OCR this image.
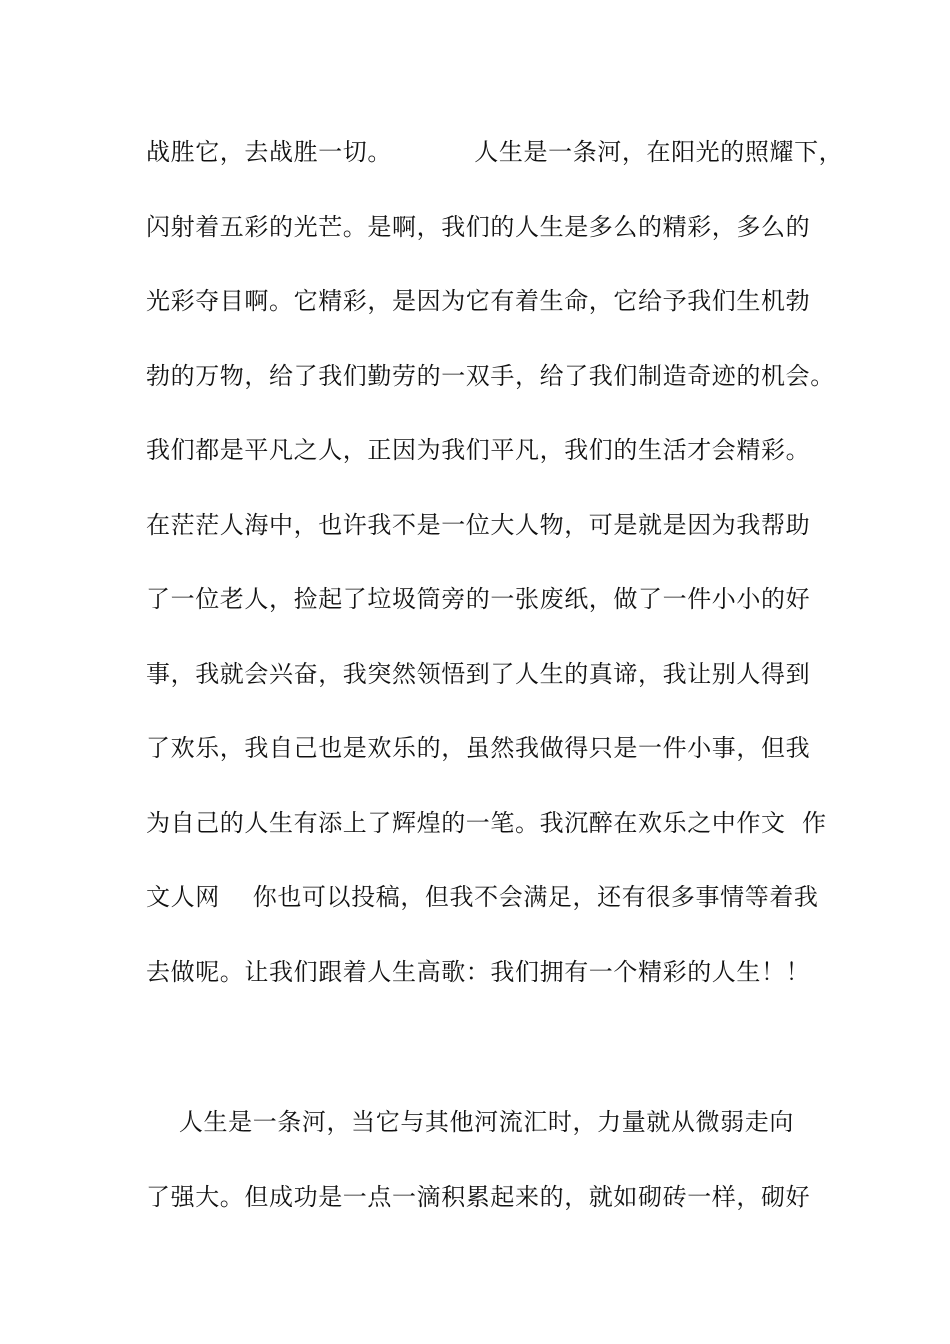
战胜它，去战胜一切。          人生是一条河，在阳光的照耀下，
闪射着五彩的光芒。是啊，我们的人生是多么的精彩，多么的
光彩夺目啊。它精彩，是因为它有着生命，它给予我们生机勃
勃的万物，给了我们勤劳的一双手，给了我们制造奇迹的机会。
我们都是平凡之人，正因为我们平凡，我们的生活才会精彩。
在茫茫人海中，也许我不是一位大人物，可是就是因为我帮助
了一位老人，捡起了垃圾筒旁的一张废纸，做了一件小小的好
事，我就会兴奋，我突然领悟到了人生的真谛，我让别人得到
了欢乐，我自己也是欢乐的，虽然我做得只是一件小事，但我
为自己的人生有添上了辉煌的一笔。我沉醉在欢乐之中作文  作
文人网    你也可以投稿，但我不会满足，还有很多事情等着我
去做呢。让我们跟着人生高歌：我们拥有一个精彩的人生！！
人生是一条河，当它与其他河流汇时，力量就从微弱走向
了强大。但成功是一点一滴积累起来的，就如砌砖一样，砌好
